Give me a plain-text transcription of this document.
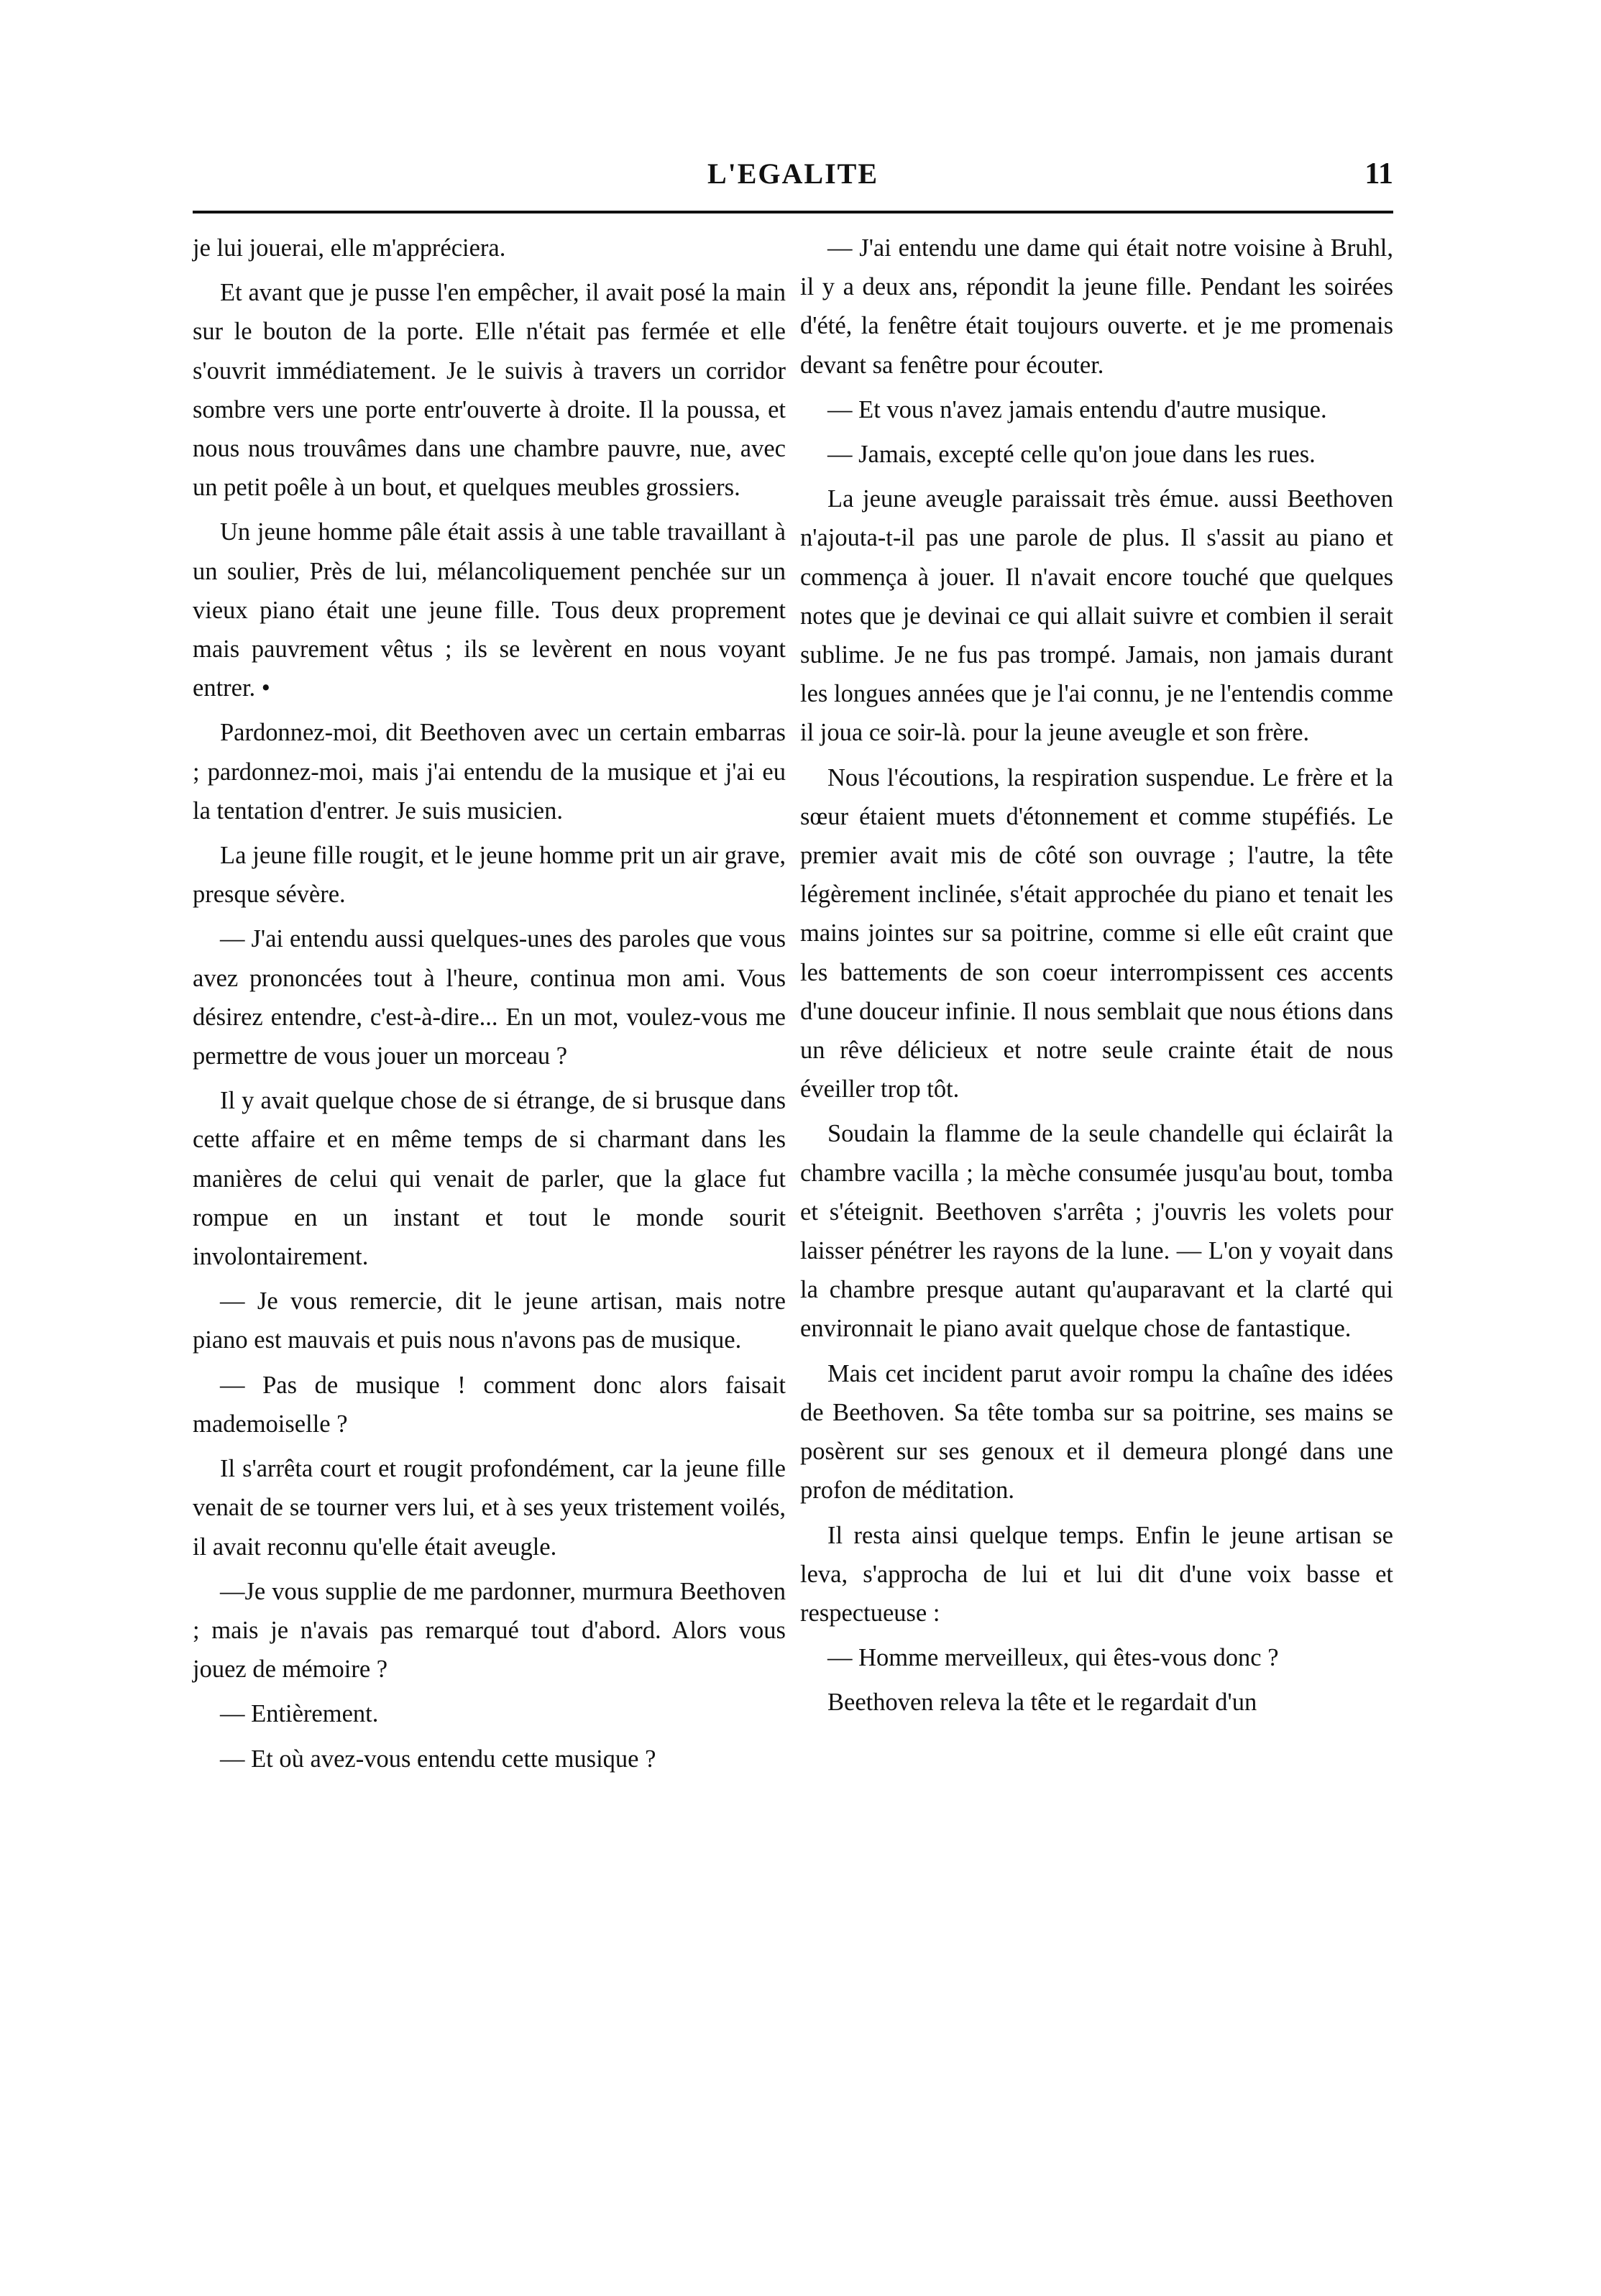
L'EGALITE	11

je lui jouerai, elle m'appréciera.

Et avant que je pusse l'en empêcher, il avait posé la main sur le bouton de la porte. Elle n'était pas fermée et elle s'ouvrit immédiatement. Je le suivis à travers un corridor sombre vers une porte entr'ouverte à droite. Il la poussa, et nous nous trouvâmes dans une chambre pauvre, nue, avec un petit poêle à un bout, et quelques meubles grossiers.

Un jeune homme pâle était assis à une table travaillant à un soulier, Près de lui, mélancoliquement penchée sur un vieux piano était une jeune fille. Tous deux proprement mais pauvrement vêtus ; ils se levèrent en nous voyant entrer. •

Pardonnez-moi, dit Beethoven avec un certain embarras ; pardonnez-moi, mais j'ai entendu de la musique et j'ai eu la tentation d'entrer. Je suis musicien.

La jeune fille rougit, et le jeune homme prit un air grave, presque sévère.

— J'ai entendu aussi quelques-unes des paroles que vous avez prononcées tout à l'heure, continua mon ami. Vous désirez entendre, c'est-à-dire... En un mot, voulez-vous me permettre de vous jouer un morceau ?

Il y avait quelque chose de si étrange, de si brusque dans cette affaire et en même temps de si charmant dans les manières de celui qui venait de parler, que la glace fut rompue en un instant et tout le monde sourit involontairement.

— Je vous remercie, dit le jeune artisan, mais notre piano est mauvais et puis nous n'avons pas de musique.

— Pas de musique ! comment donc alors faisait mademoiselle ?

Il s'arrêta court et rougit profondément, car la jeune fille venait de se tourner vers lui, et à ses yeux tristement voilés, il avait reconnu qu'elle était aveugle.

—Je vous supplie de me pardonner, murmura Beethoven ; mais je n'avais pas remarqué tout d'abord. Alors vous jouez de mémoire ?

— Entièrement.

— Et où avez-vous entendu cette musique ?

— J'ai entendu une dame qui était notre voisine à Bruhl, il y a deux ans, répondit la jeune fille. Pendant les soirées d'été, la fenêtre était toujours ouverte. et je me promenais devant sa fenêtre pour écouter.

— Et vous n'avez jamais entendu d'autre musique.

— Jamais, excepté celle qu'on joue dans les rues.

La jeune aveugle paraissait très émue. aussi Beethoven n'ajouta-t-il pas une parole de plus. Il s'assit au piano et commença à jouer. Il n'avait encore touché que quelques notes que je devinai ce qui allait suivre et combien il serait sublime. Je ne fus pas trompé. Jamais, non jamais durant les longues années que je l'ai connu, je ne l'entendis comme il joua ce soir-là. pour la jeune aveugle et son frère.

Nous l'écoutions, la respiration suspendue. Le frère et la sœur étaient muets d'étonnement et comme stupéfiés. Le premier avait mis de côté son ouvrage ; l'autre, la tête légèrement inclinée, s'était approchée du piano et tenait les mains jointes sur sa poitrine, comme si elle eût craint que les battements de son coeur interrompissent ces accents d'une douceur infinie. Il nous semblait que nous étions dans un rêve délicieux et notre seule crainte était de nous éveiller trop tôt.

Soudain la flamme de la seule chandelle qui éclairât la chambre vacilla ; la mèche consumée jusqu'au bout, tomba et s'éteignit. Beethoven s'arrêta ; j'ouvris les volets pour laisser pénétrer les rayons de la lune. — L'on y voyait dans la chambre presque autant qu'auparavant et la clarté qui environnait le piano avait quelque chose de fantastique.

Mais cet incident parut avoir rompu la chaîne des idées de Beethoven. Sa tête tomba sur sa poitrine, ses mains se posèrent sur ses genoux et il demeura plongé dans une profon de méditation.

Il resta ainsi quelque temps. Enfin le jeune artisan se leva, s'approcha de lui et lui dit d'une voix basse et respectueuse :

— Homme merveilleux, qui êtes-vous donc ?

Beethoven releva la tête et le regardait d'un
